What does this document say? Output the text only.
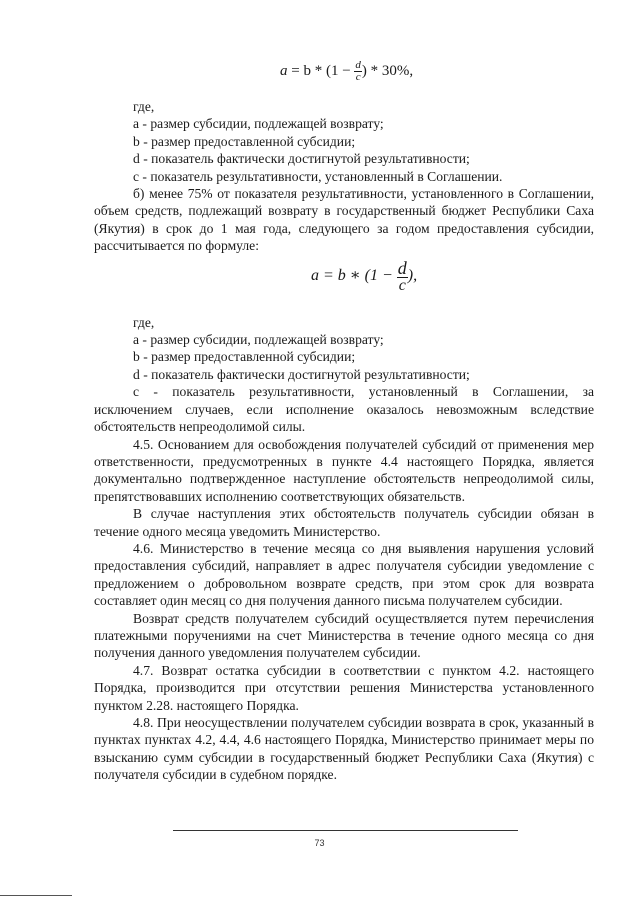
$a = b * (1 - \frac{d}{c}$ ) * 30%,

где,

а - размер субсидии, подлежащей возврату;

b - размер предоставленной субсидии;

d - показатель фактически достигнутой результативности;

c - показатель результативности, установленный в Соглашении.

б) менее 75% от показателя результативности, установленного в Соглашении, объем средств, подлежащий возврату в государственный бюджет Республики Саха (Якутия) в срок до 1 мая года, следующего за годом предоставления субсидии, рассчитывается по формуле:

a = b ∗ ($1 - \frac{d}{c}$ ),

где,

а - размер субсидии, подлежащей возврату;

b - размер предоставленной субсидии;

d - показатель фактически достигнутой результативности;

c - показатель результативности, установленный в Соглашении, за исключением случаев, если исполнение оказалось невозможным вследствие обстоятельств непреодолимой силы.

4.5. Основанием для освобождения получателей субсидий от применения мер ответственности, предусмотренных в пункте 4.4 настоящего Порядка, является документально подтвержденное наступление обстоятельств непреодолимой силы, препятствовавших исполнению соответствующих обязательств.

В случае наступления этих обстоятельств получатель субсидии обязан в течение одного месяца уведомить Министерство.

4.6. Министерство в течение месяца со дня выявления нарушения условий предоставления субсидий, направляет в адрес получателя субсидии уведомление с предложением о добровольном возврате средств, при этом срок для возврата составляет один месяц со дня получения данного письма получателем субсидии.

Возврат средств получателем субсидий осуществляется путем перечисления платежными поручениями на счет Министерства в течение одного месяца со дня получения данного уведомления получателем субсидии.

4.7. Возврат остатка субсидии в соответствии с пунктом 4.2. настоящего Порядка, производится при отсутствии решения Министерства установленного пунктом 2.28. настоящего Порядка.

4.8. При неосуществлении получателем субсидии возврата в срок, указанный в пунктах пунктах 4.2, 4.4, 4.6 настоящего Порядка, Министерство принимает меры по взысканию сумм субсидии в государственный бюджет Республики Саха (Якутия) с получателя субсидии в судебном порядке.

73
